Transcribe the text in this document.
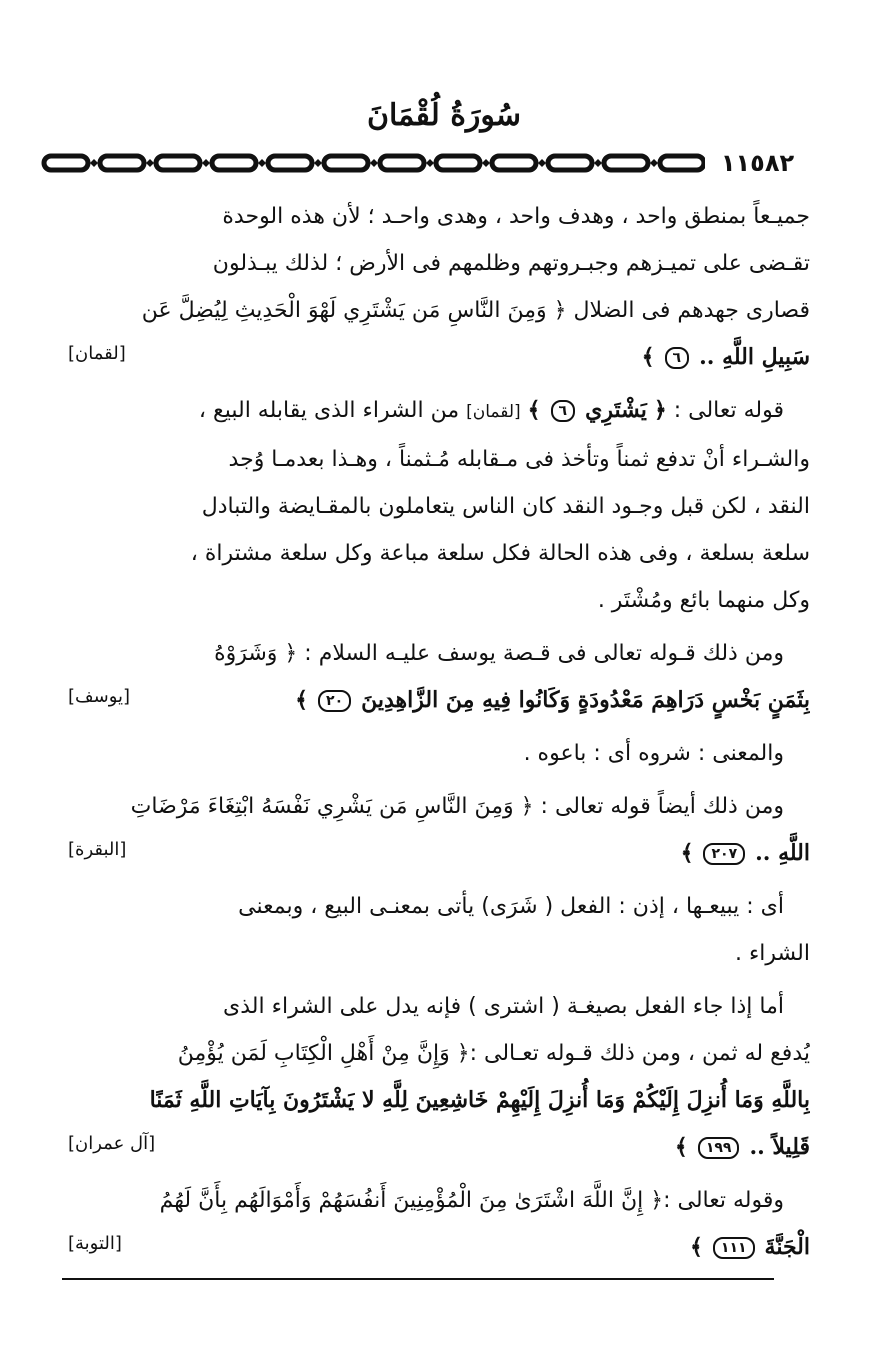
سُورَةُ لُقْمَانَ
١١٥٨٢
جميـعاً بمنطق واحد ، وهدف واحد ، وهدى واحـد ؛ لأن هذه الوحدة
تقـضى على تميـزهم وجبـروتهم وظلمهم فى الأرض ؛ لذلك يبـذلون
قصارى جهدهم فى الضلال ﴿ وَمِنَ النَّاسِ مَن يَشْتَرِي لَهْوَ الْحَدِيثِ لِيُضِلَّ عَن
سَبِيلِ اللَّهِ .. ٦ ﴾
[لقمان]
قوله تعالى : ﴿ يَشْتَرِي ٦ ﴾ [لقمان] من الشراء الذى يقابله البيع ،
والشـراء أنْ تدفع ثمناً وتأخذ فى مـقابله مُـثمناً ، وهـذا بعدمـا وُجد
النقد ، لكن قبل وجـود النقد كان الناس يتعاملون بالمقـايضة والتبادل
سلعة بسلعة ، وفى هذه الحالة فكل سلعة مباعة وكل سلعة مشتراة ،
وكل منهما بائع ومُشْتَر .
ومن ذلك قـوله تعالى فى قـصة يوسف عليـه السلام : ﴿ وَشَرَوْهُ
بِثَمَنٍ بَخْسٍ دَرَاهِمَ مَعْدُودَةٍ وَكَانُوا فِيهِ مِنَ الزَّاهِدِينَ ٢٠ ﴾
[يوسف]
والمعنى : شروه أى : باعوه .
ومن ذلك أيضاً قوله تعالى : ﴿ وَمِنَ النَّاسِ مَن يَشْرِي نَفْسَهُ ابْتِغَاءَ مَرْضَاتِ
اللَّهِ .. ٢٠٧ ﴾
[البقرة]
أى : يبيعـها ، إذن : الفعل ( شَرَى) يأتى بمعنـى البيع ، وبمعنى
الشراء .
أما إذا جاء الفعل بصيغـة ( اشترى ) فإنه يدل على الشراء الذى
يُدفع له ثمن ، ومن ذلك قـوله تعـالى :﴿ وَإِنَّ مِنْ أَهْلِ الْكِتَابِ لَمَن يُؤْمِنُ
بِاللَّهِ وَمَا أُنزِلَ إِلَيْكُمْ وَمَا أُنزِلَ إِلَيْهِمْ خَاشِعِينَ لِلَّهِ لا يَشْتَرُونَ بِآيَاتِ اللَّهِ ثَمَنًا
قَلِيلاً .. ١٩٩ ﴾
[آل عمران]
وقوله تعالى :﴿ إِنَّ اللَّهَ اشْتَرَىٰ مِنَ الْمُؤْمِنِينَ أَنفُسَهُمْ وَأَمْوَالَهُم بِأَنَّ لَهُمُ
الْجَنَّةَ ١١١ ﴾
[التوبة]
